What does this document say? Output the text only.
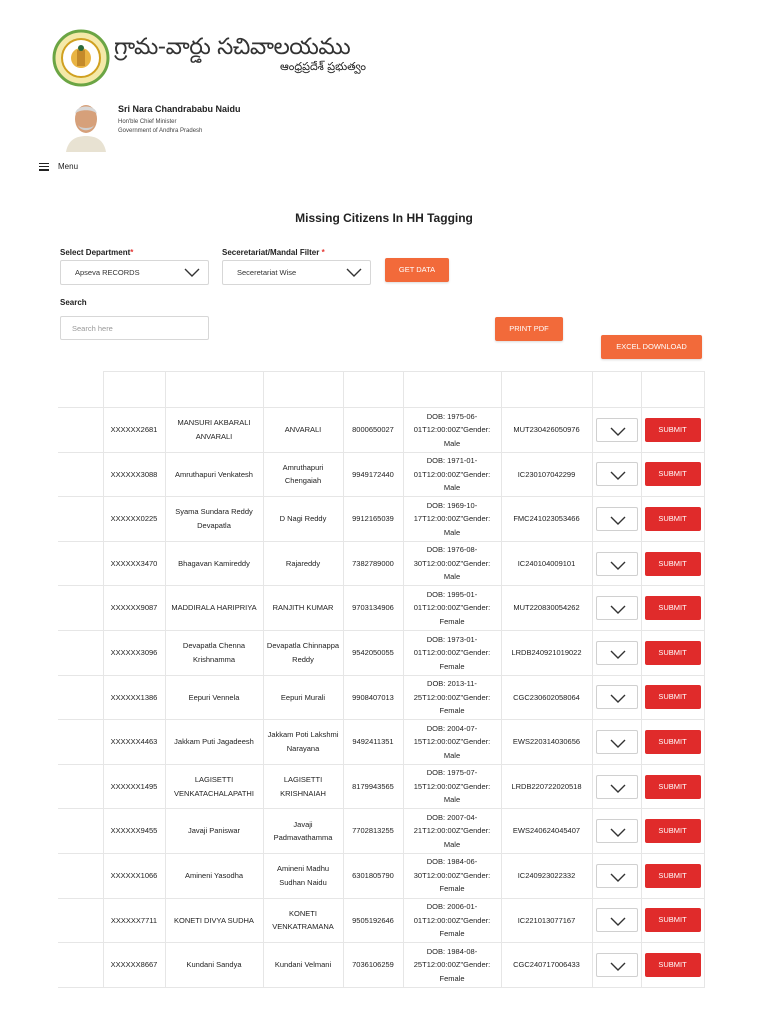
గ్రామ-వార్డు సచివాలయము
ఆంధ్రప్రదేశ్ ప్రభుత్వం
Sri Nara Chandrababu Naidu
Hon'ble Chief Minister
Government of Andhra Pradesh
Menu
Missing Citizens In HH Tagging
Select Department*
Apseva RECORDS
Seceretariat/Mandal Filter *
Seceretariat Wise	GET DATA
Search
Search here
PRINT PDF
EXCEL DOWNLOAD

	XXXXXX2681	MANSURI AKBARALI ANVARALI	ANVARALI	8000650027	DOB: 1975-06-01T12:00:00Z"Gender: Male	MUT230426050976		SUBMIT
	XXXXXX3088	Amruthapuri Venkatesh	Amruthapuri Chengaiah	9949172440	DOB: 1971-01-01T12:00:00Z"Gender: Male	IC230107042299		SUBMIT
	XXXXXX0225	Syama Sundara Reddy Devapatla	D Nagi Reddy	9912165039	DOB: 1969-10-17T12:00:00Z"Gender: Male	FMC241023053466		SUBMIT
	XXXXXX3470	Bhagavan Kamireddy	Rajareddy	7382789000	DOB: 1976-08-30T12:00:00Z"Gender: Male	IC240104009101		SUBMIT
	XXXXXX9087	MADDIRALA HARIPRIYA	RANJITH KUMAR	9703134906	DOB: 1995-01-01T12:00:00Z"Gender: Female	MUT220830054262		SUBMIT
	XXXXXX3096	Devapatla Chenna Krishnamma	Devapatla Chinnappa Reddy	9542050055	DOB: 1973-01-01T12:00:00Z"Gender: Female	LRDB240921019022		SUBMIT
	XXXXXX1386	Eepuri Vennela	Eepuri Murali	9908407013	DOB: 2013-11-25T12:00:00Z"Gender: Female	CGC230602058064		SUBMIT
	XXXXXX4463	Jakkam Puti Jagadeesh	Jakkam Poti Lakshmi Narayana	9492411351	DOB: 2004-07-15T12:00:00Z"Gender: Male	EWS220314030656		SUBMIT
	XXXXXX1495	LAGISETTI VENKATACHALAPATHI	LAGISETTI KRISHNAIAH	8179943565	DOB: 1975-07-15T12:00:00Z"Gender: Male	LRDB220722020518		SUBMIT
	XXXXXX9455	Javaji Paniswar	Javaji Padmavathamma	7702813255	DOB: 2007-04-21T12:00:00Z"Gender: Male	EWS240624045407		SUBMIT
	XXXXXX1066	Amineni Yasodha	Amineni Madhu Sudhan Naidu	6301805790	DOB: 1984-06-30T12:00:00Z"Gender: Female	IC240923022332		SUBMIT
	XXXXXX7711	KONETI DIVYA SUDHA	KONETI VENKATRAMANA	9505192646	DOB: 2006-01-01T12:00:00Z"Gender: Female	IC221013077167		SUBMIT
	XXXXXX8667	Kundani Sandya	Kundani Velmani	7036106259	DOB: 1984-08-25T12:00:00Z"Gender: Female	CGC240717006433		SUBMIT
